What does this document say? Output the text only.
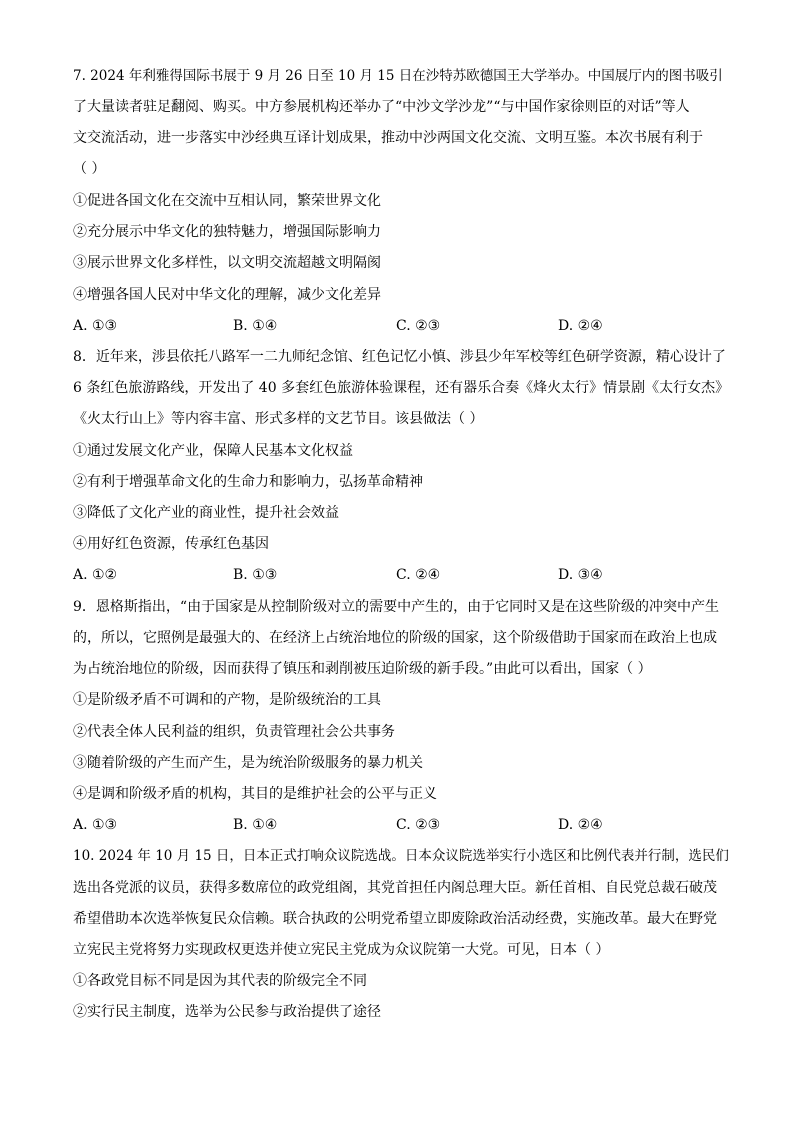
7. 2024 年利雅得国际书展于 9 月 26 日至 10 月 15 日在沙特苏欧德国王大学举办。中国展厅内的图书吸引
了大量读者驻足翻阅、购买。中方参展机构还举办了“中沙文学沙龙”“与中国作家徐则臣的对话”等人
文交流活动，进一步落实中沙经典互译计划成果，推动中沙两国文化交流、文明互鉴。本次书展有利于
（ ）
①促进各国文化在交流中互相认同，繁荣世界文化
②充分展示中华文化的独特魅力，增强国际影响力
③展示世界文化多样性，以文明交流超越文明隔阂
④增强各国人民对中华文化的理解，减少文化差异
A. ①③	B. ①④	C. ②③	D. ②④
8．近年来，涉县依托八路军一二九师纪念馆、红色记忆小慎、涉县少年军校等红色研学资源，精心设计了
6 条红色旅游路线，开发出了 40 多套红色旅游体验课程，还有器乐合奏《烽火太行》情景剧《太行女杰》
《火太行山上》等内容丰富、形式多样的文艺节目。该县做法（ ）
①通过发展文化产业，保障人民基本文化权益
②有利于增强革命文化的生命力和影响力，弘扬革命精神
③降低了文化产业的商业性，提升社会效益
④用好红色资源，传承红色基因
A. ①②	B. ①③	C. ②④	D. ③④
9．恩格斯指出，“由于国家是从控制阶级对立的需要中产生的，由于它同时又是在这些阶级的冲突中产生
的，所以，它照例是最强大的、在经济上占统治地位的阶级的国家，这个阶级借助于国家而在政治上也成
为占统治地位的阶级，因而获得了镇压和剥削被压迫阶级的新手段。”由此可以看出，国家（ ）
①是阶级矛盾不可调和的产物，是阶级统治的工具
②代表全体人民利益的组织，负责管理社会公共事务
③随着阶级的产生而产生，是为统治阶级服务的暴力机关
④是调和阶级矛盾的机构，其目的是维护社会的公平与正义
A. ①③	B. ①④	C. ②③	D. ②④
10. 2024 年 10 月 15 日，日本正式打响众议院选战。日本众议院选举实行小选区和比例代表并行制，选民们
选出各党派的议员，获得多数席位的政党组阁，其党首担任内阁总理大臣。新任首相、自民党总裁石破茂
希望借助本次选举恢复民众信赖。联合执政的公明党希望立即废除政治活动经费，实施改革。最大在野党
立宪民主党将努力实现政权更迭并使立宪民主党成为众议院第一大党。可见，日本（ ）
①各政党目标不同是因为其代表的阶级完全不同
②实行民主制度，选举为公民参与政治提供了途径
